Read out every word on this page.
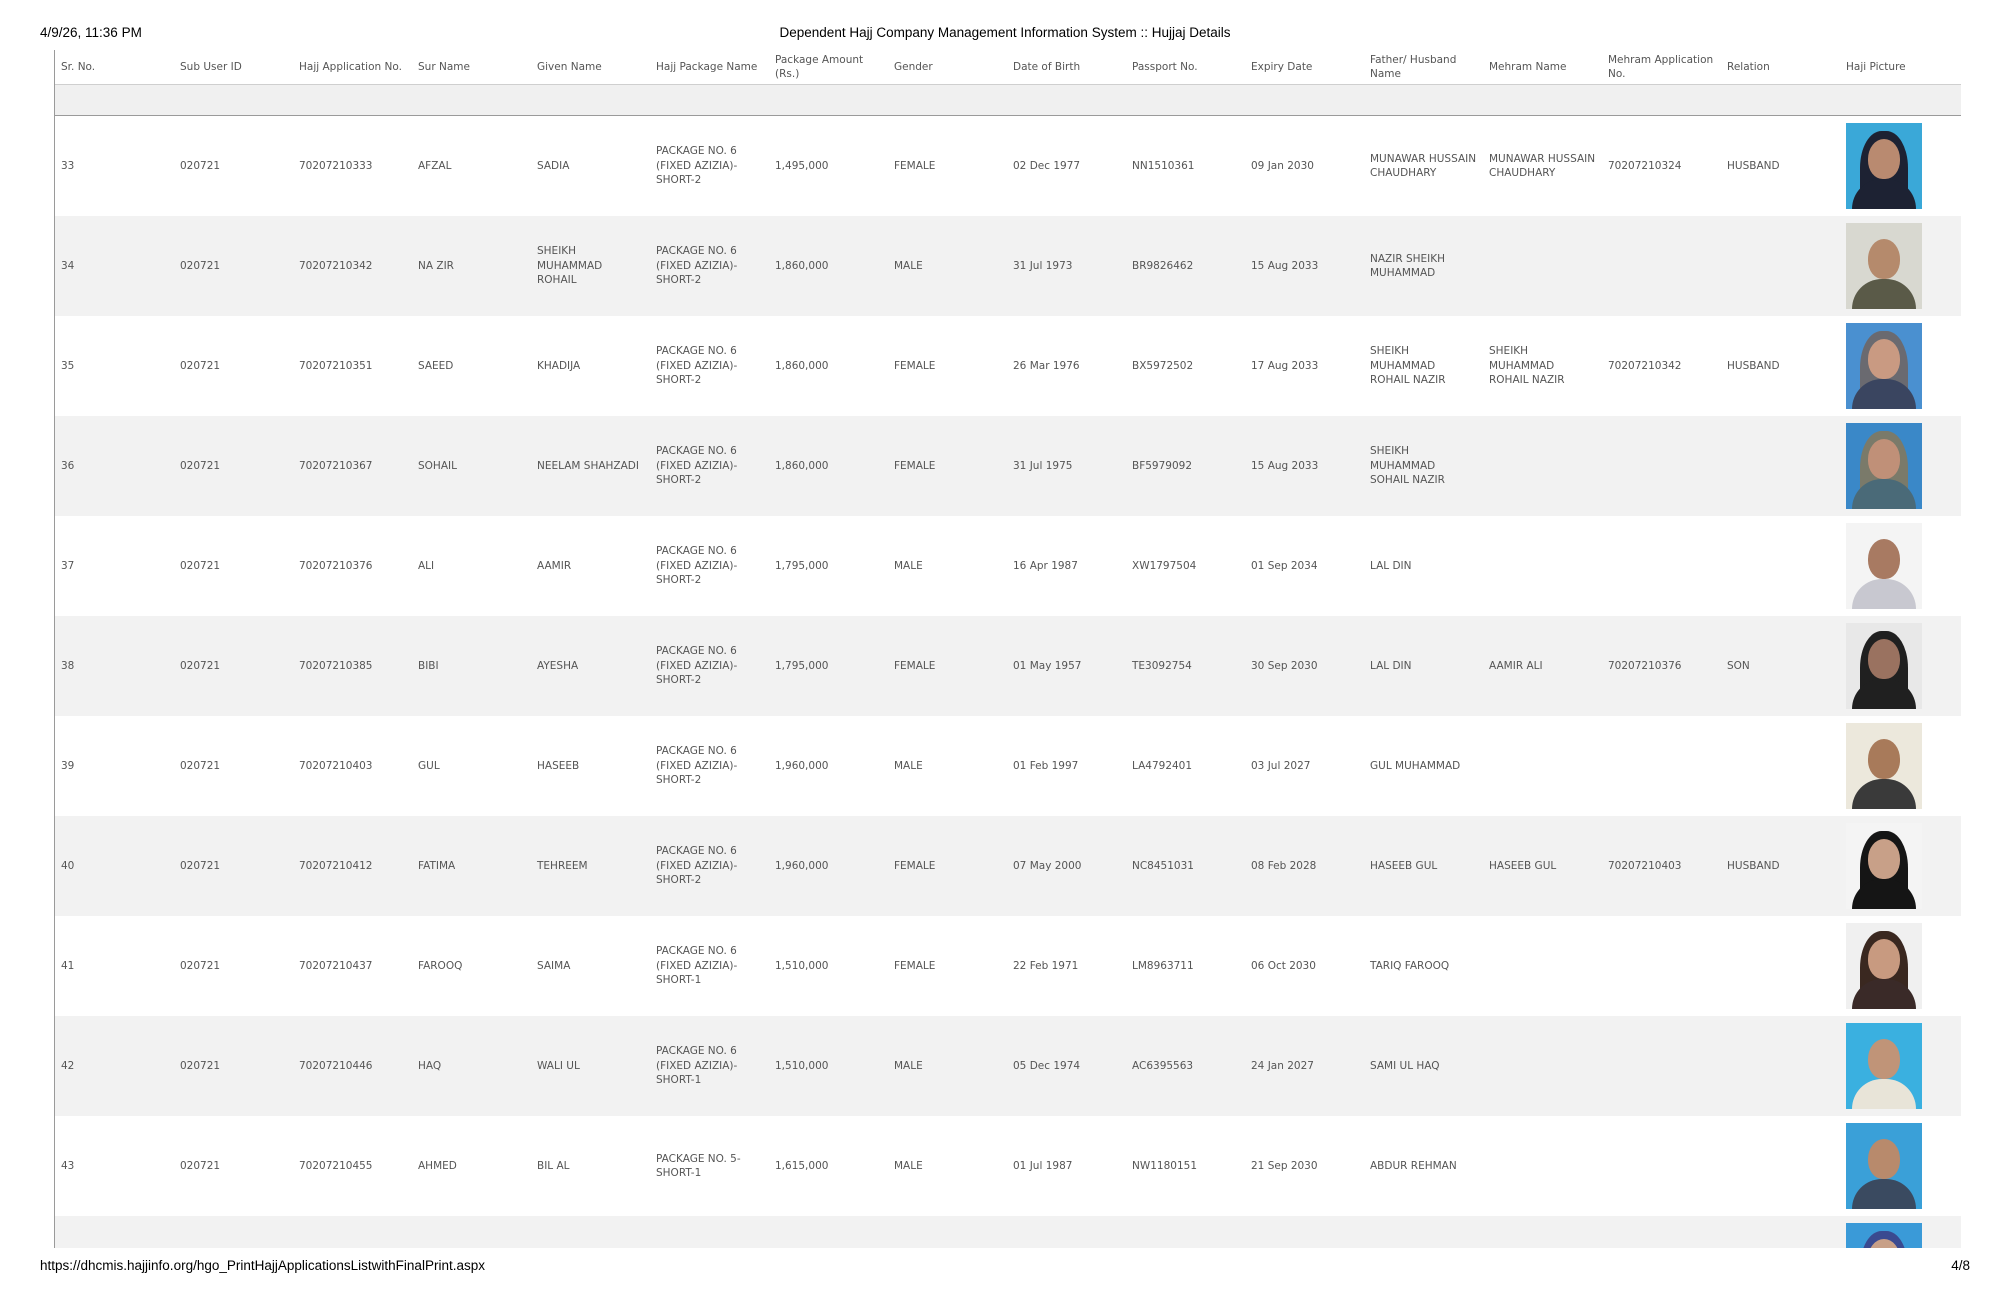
4/9/26, 11:36 PM	Dependent Hajj Company Management Information System :: Hujjaj Details
Sr. No.	Sub User ID	Hajj Application No.	Sur Name	Given Name	Hajj Package Name	Package Amount (Rs.)	Gender	Date of Birth	Passport No.	Expiry Date	Father/ Husband Name	Mehram Name	Mehram Application No.	Relation	Haji Picture

33	020721	70207210333	AFZAL	SADIA	PACKAGE NO. 6 (FIXED AZIZIA)-SHORT-2	1,495,000	FEMALE	02 Dec 1977	NN1510361	09 Jan 2030	MUNAWAR HUSSAIN CHAUDHARY	MUNAWAR HUSSAIN CHAUDHARY	70207210324	HUSBAND	

34	020721	70207210342	NA ZIR	SHEIKH MUHAMMAD ROHAIL	PACKAGE NO. 6 (FIXED AZIZIA)-SHORT-2	1,860,000	MALE	31 Jul 1973	BR9826462	15 Aug 2033	NAZIR SHEIKH MUHAMMAD				

35	020721	70207210351	SAEED	KHADIJA	PACKAGE NO. 6 (FIXED AZIZIA)-SHORT-2	1,860,000	FEMALE	26 Mar 1976	BX5972502	17 Aug 2033	SHEIKH MUHAMMAD ROHAIL NAZIR	SHEIKH MUHAMMAD ROHAIL NAZIR	70207210342	HUSBAND	

36	020721	70207210367	SOHAIL	NEELAM SHAHZADI	PACKAGE NO. 6 (FIXED AZIZIA)-SHORT-2	1,860,000	FEMALE	31 Jul 1975	BF5979092	15 Aug 2033	SHEIKH MUHAMMAD SOHAIL NAZIR				

37	020721	70207210376	ALI	AAMIR	PACKAGE NO. 6 (FIXED AZIZIA)-SHORT-2	1,795,000	MALE	16 Apr 1987	XW1797504	01 Sep 2034	LAL DIN				

38	020721	70207210385	BIBI	AYESHA	PACKAGE NO. 6 (FIXED AZIZIA)-SHORT-2	1,795,000	FEMALE	01 May 1957	TE3092754	30 Sep 2030	LAL DIN	AAMIR ALI	70207210376	SON	

39	020721	70207210403	GUL	HASEEB	PACKAGE NO. 6 (FIXED AZIZIA)-SHORT-2	1,960,000	MALE	01 Feb 1997	LA4792401	03 Jul 2027	GUL MUHAMMAD				

40	020721	70207210412	FATIMA	TEHREEM	PACKAGE NO. 6 (FIXED AZIZIA)-SHORT-2	1,960,000	FEMALE	07 May 2000	NC8451031	08 Feb 2028	HASEEB GUL	HASEEB GUL	70207210403	HUSBAND	

41	020721	70207210437	FAROOQ	SAIMA	PACKAGE NO. 6 (FIXED AZIZIA)-SHORT-1	1,510,000	FEMALE	22 Feb 1971	LM8963711	06 Oct 2030	TARIQ FAROOQ				

42	020721	70207210446	HAQ	WALI UL	PACKAGE NO. 6 (FIXED AZIZIA)-SHORT-1	1,510,000	MALE	05 Dec 1974	AC6395563	24 Jan 2027	SAMI UL HAQ				

43	020721	70207210455	AHMED	BIL AL	PACKAGE NO. 5-SHORT-1	1,615,000	MALE	01 Jul 1987	NW1180151	21 Sep 2030	ABDUR REHMAN				

https://dhcmis.hajjinfo.org/hgo_PrintHajjApplicationsListwithFinalPrint.aspx	4/8
